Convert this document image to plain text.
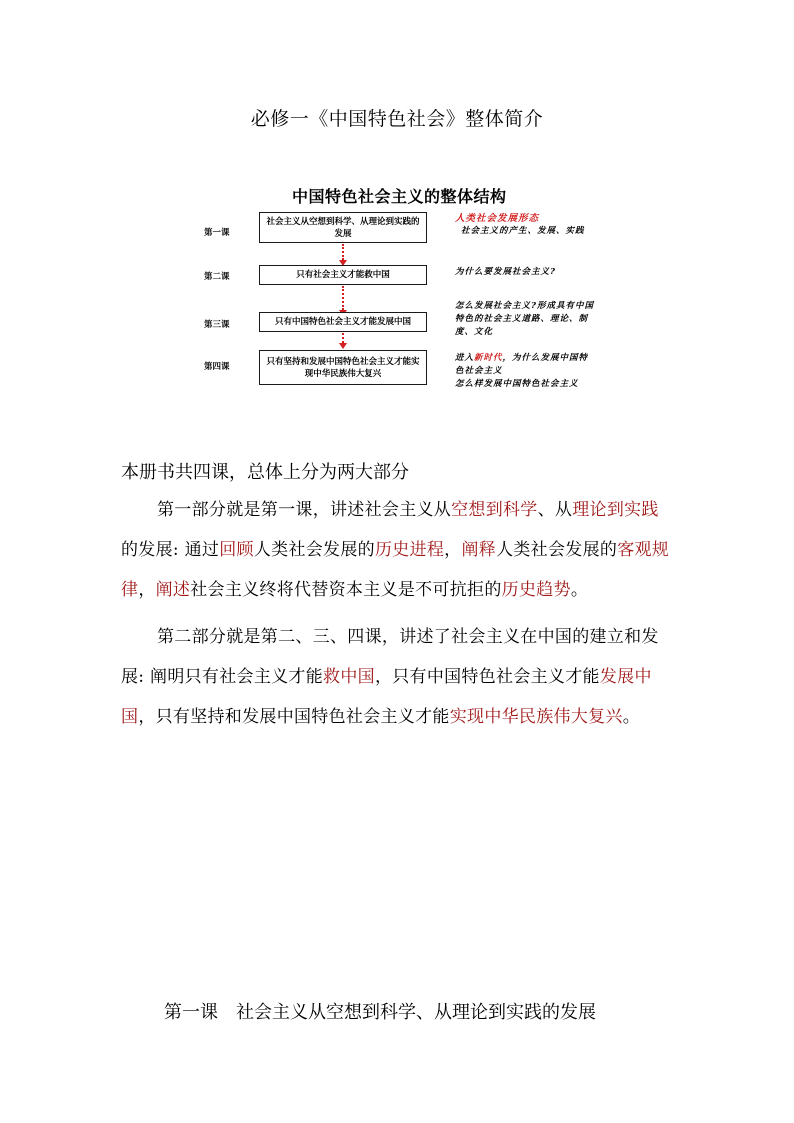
必修一《中国特色社会》整体简介
中国特色社会主义的整体结构
第一课
社会主义从空想到科学、从理论到实践的发展
第二课	只有社会主义才能救中国
第三课	只有中国特色社会主义才能发展中国
第四课
只有坚持和发展中国特色社会主义才能实现中华民族伟大复兴
人类社会发展形态
社会主义的产生、发展、实践
为什么要发展社会主义?
怎么发展社会主义?形成具有中国特色的社会主义道路、理论、制度、文化
进入新时代，为什么发展中国特色社会主义
怎么样发展中国特色社会主义
本册书共四课，总体上分为两大部分

第一部分就是第一课，讲述社会主义从空想到科学、从理论到实践的发展: 通过回顾人类社会发展的历史进程，阐释人类社会发展的客观规律，阐述社会主义终将代替资本主义是不可抗拒的历史趋势。

第二部分就是第二、三、四课，讲述了社会主义在中国的建立和发展: 阐明只有社会主义才能救中国，只有中国特色社会主义才能发展中国，只有坚持和发展中国特色社会主义才能实现中华民族伟大复兴。

第一课　社会主义从空想到科学、从理论到实践的发展
